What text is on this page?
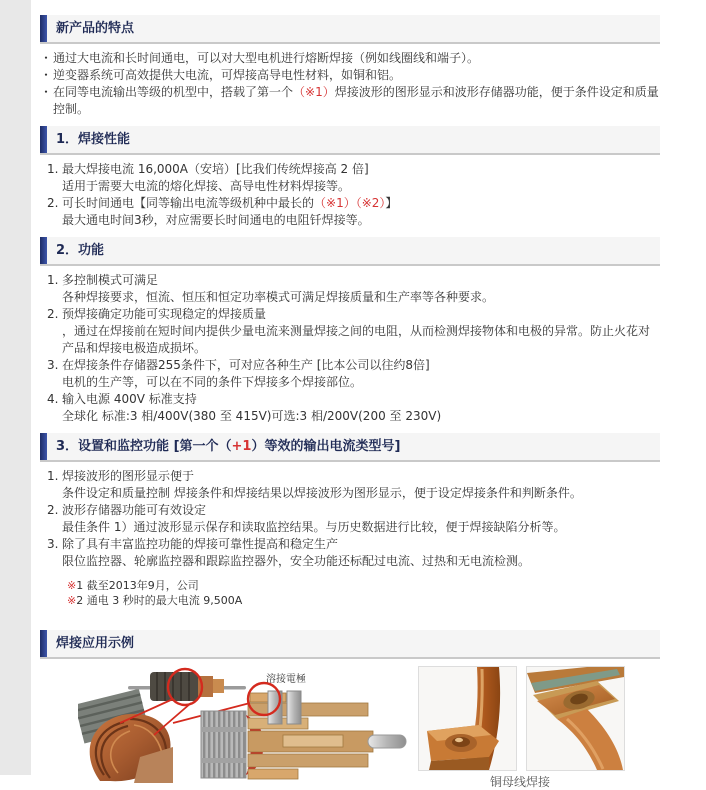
新产品的特点
・ 通过大电流和长时间通电，可以对大型电机进行熔断焊接（例如线圈线和端子）。
・ 逆变器系统可高效提供大电流，可焊接高导电性材料，如铜和铝。
・ 在同等电流输出等级的机型中，搭载了第一个（※1）焊接波形的图形显示和波形存储器功能，便于条件设定和质量控制。
1．焊接性能
1. 最大焊接电流 16,000A（安培）[比我们传统焊接高 2 倍]
适用于需要大电流的熔化焊接、高导电性材料焊接等。
2. 可长时间通电【同等输出电流等级机种中最长的（※1）（※2）】
最大通电时间3秒，对应需要长时间通电的电阻钎焊接等。
2．功能
1. 多控制模式可满足
各种焊接要求，恒流、恒压和恒定功率模式可满足焊接质量和生产率等各种要求。
2. 预焊接确定功能可实现稳定的焊接质量
，通过在焊接前在短时间内提供少量电流来测量焊接之间的电阻，从而检测焊接物体和电极的异常。防止火花对产品和焊接电极造成损坏。
3. 在焊接条件存储器255条件下，可对应各种生产 [比本公司以往约8倍]
电机的生产等，可以在不同的条件下焊接多个焊接部位。
4. 输入电源 400V 标准支持
全球化 标准:3 相/400V(380 至 415V)可选:3 相/200V(200 至 230V)
3．设置和监控功能 [第一个（+1）等效的输出电流类型号]
1. 焊接波形的图形显示便于
条件设定和质量控制 焊接条件和焊接结果以焊接波形为图形显示，便于设定焊接条件和判断条件。
2. 波形存储器功能可有效设定
最佳条件 1）通过波形显示保存和读取监控结果。与历史数据进行比较，便于焊接缺陷分析等。
3. 除了具有丰富监控功能的焊接可靠性提高和稳定生产
限位监控器、轮廓监控器和跟踪监控器外，安全功能还标配过电流、过热和无电流检测。
※1 截至2013年9月，公司
※2 通电 3 秒时的最大电流 9,500A
焊接应用示例
溶接電極

铜母线焊接
